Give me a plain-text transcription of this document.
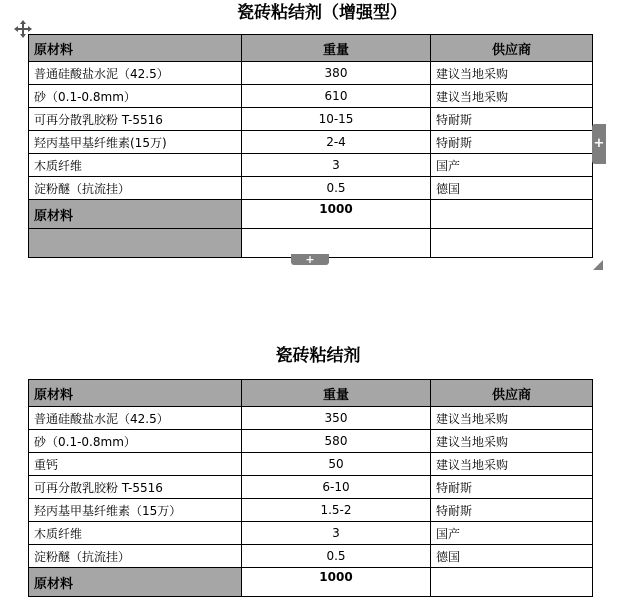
瓷砖粘结剂（增强型）
原材料	重量	供应商
普通硅酸盐水泥（42.5）	380	建议当地采购
砂（0.1-0.8mm）	610	建议当地采购
可再分散乳胶粉 T-5516	10-15	特耐斯
羟丙基甲基纤维素(15万)	2-4	特耐斯
木质纤维	3	国产
淀粉醚（抗流挂）	0.5	德国
原材料	1000	

+
+
瓷砖粘结剂
原材料	重量	供应商
普通硅酸盐水泥（42.5）	350	建议当地采购
砂（0.1-0.8mm）	580	建议当地采购
重钙	50	建议当地采购
可再分散乳胶粉 T-5516	6-10	特耐斯
羟丙基甲基纤维素（15万）	1.5-2	特耐斯
木质纤维	3	国产
淀粉醚（抗流挂）	0.5	德国
原材料	1000	
